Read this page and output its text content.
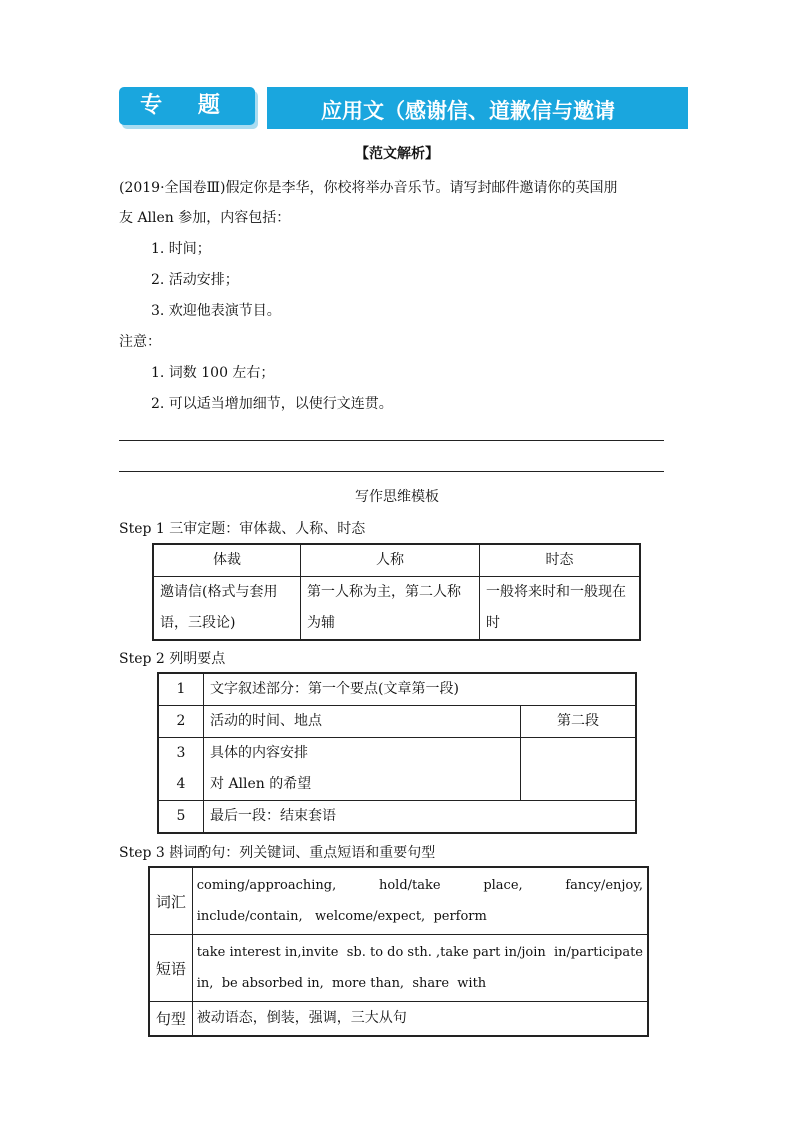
专 题 十
应用文（感谢信、道歉信与邀请
【范文解析】
(2019·全国卷Ⅲ)假定你是李华，你校将举办音乐节。请写封邮件邀请你的英国朋
友 Allen 参加，内容包括：
1. 时间；
2. 活动安排；
3. 欢迎他表演节目。
注意：
1. 词数 100 左右；
2. 可以适当增加细节，以使行文连贯。
写作思维模板
Step 1 三审定题：审体裁、人称、时态
体裁	人称	时态
邀请信(格式与套用语，三段论)	第一人称为主，第二人称为辅	一般将来时和一般现在时
Step 2 列明要点
1	文字叙述部分：第一个要点(文章第一段)	
2	活动的时间、地点	第二段
3	具体的内容安排	
4	对 Allen 的希望	
5	最后一段：结束套语	
Step 3 斟词酌句：列关键词、重点短语和重要句型
词汇	coming/approaching, hold/take place, fancy/enjoy,
include/contain,   welcome/expect,  perform

短语	take interest in, invite  sb. to do sth. , take part in/join  in/participate
in,  be absorbed in,  more than,  share  with

句型	被动语态，倒装，强调，三大从句
